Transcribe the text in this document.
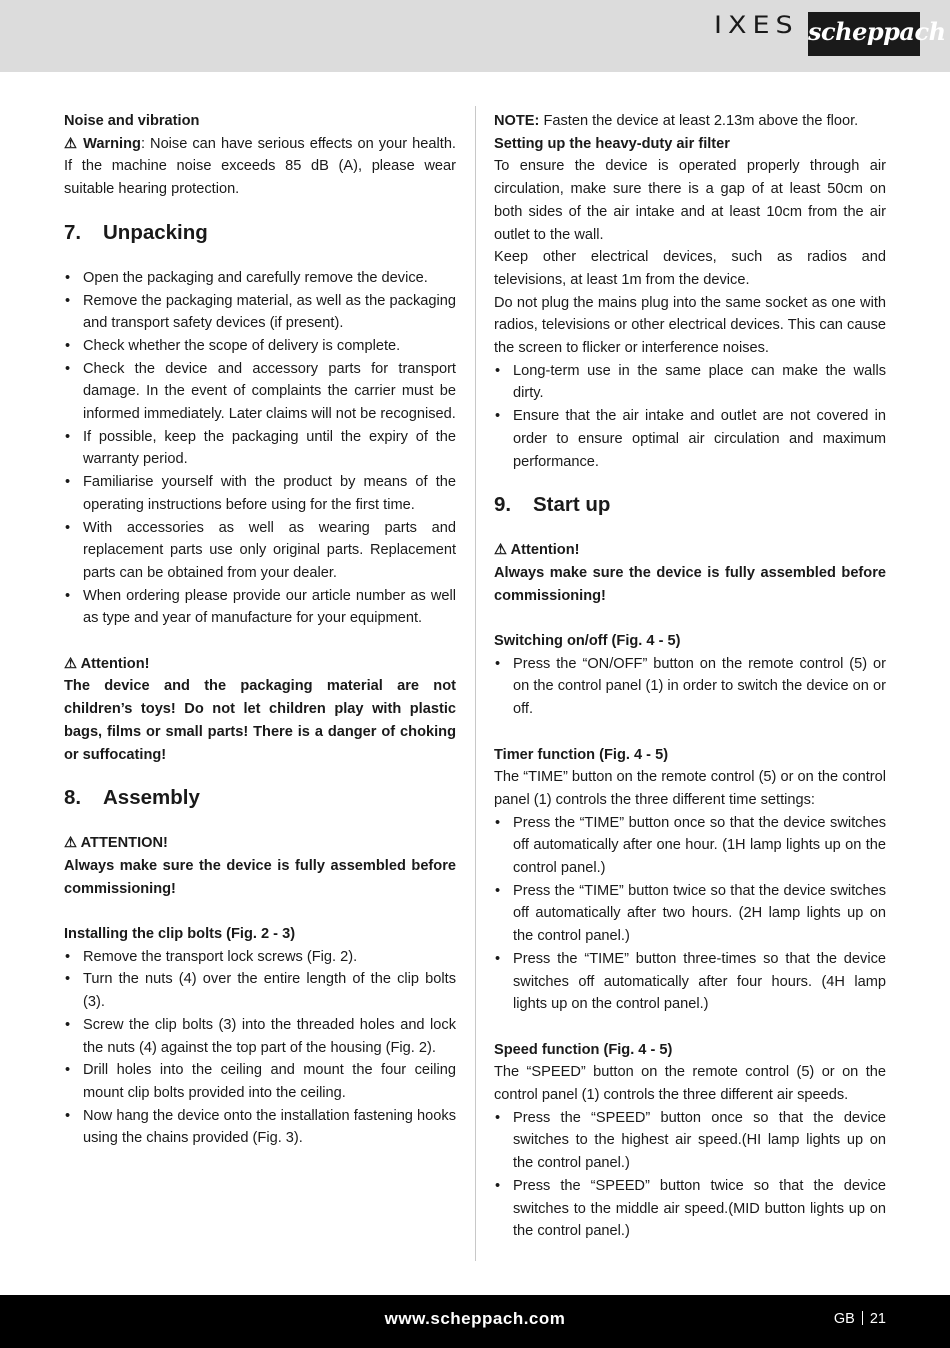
IXES scheppach
Noise and vibration
⚠ Warning: Noise can have serious effects on your health. If the machine noise exceeds 85 dB (A), please wear suitable hearing protection.
7. Unpacking
• Open the packaging and carefully remove the device.
• Remove the packaging material, as well as the packaging and transport safety devices (if present).
• Check whether the scope of delivery is complete.
• Check the device and accessory parts for transport damage. In the event of complaints the carrier must be informed immediately. Later claims will not be recognised.
• If possible, keep the packaging until the expiry of the warranty period.
• Familiarise yourself with the product by means of the operating instructions before using for the first time.
• With accessories as well as wearing parts and replacement parts use only original parts. Replacement parts can be obtained from your dealer.
• When ordering please provide our article number as well as type and year of manufacture for your equipment.
⚠ Attention!
The device and the packaging material are not children’s toys! Do not let children play with plastic bags, films or small parts! There is a danger of choking or suffocating!
8. Assembly
⚠ ATTENTION!
Always make sure the device is fully assembled before commissioning!
Installing the clip bolts (Fig. 2 - 3)
• Remove the transport lock screws (Fig. 2).
• Turn the nuts (4) over the entire length of the clip bolts (3).
• Screw the clip bolts (3) into the threaded holes and lock the nuts (4) against the top part of the housing (Fig. 2).
• Drill holes into the ceiling and mount the four ceiling mount clip bolts provided into the ceiling.
• Now hang the device onto the installation fastening hooks using the chains provided (Fig. 3).
NOTE: Fasten the device at least 2.13m above the floor.
Setting up the heavy-duty air filter
To ensure the device is operated properly through air circulation, make sure there is a gap of at least 50cm on both sides of the air intake and at least 10cm from the air outlet to the wall.
Keep other electrical devices, such as radios and televisions, at least 1m from the device.
Do not plug the mains plug into the same socket as one with radios, televisions or other electrical devices. This can cause the screen to flicker or interference noises.
• Long-term use in the same place can make the walls dirty.
• Ensure that the air intake and outlet are not covered in order to ensure optimal air circulation and maximum performance.
9. Start up
⚠ Attention!
Always make sure the device is fully assembled before commissioning!
Switching on/off (Fig. 4 - 5)
• Press the “ON/OFF” button on the remote control (5) or on the control panel (1) in order to switch the device on or off.
Timer function (Fig. 4 - 5)
The “TIME” button on the remote control (5) or on the control panel (1) controls the three different time settings:
• Press the “TIME” button once so that the device switches off automatically after one hour. (1H lamp lights up on the control panel.)
• Press the “TIME” button twice so that the device switches off automatically after two hours. (2H lamp lights up on the control panel.)
• Press the “TIME” button three-times so that the device switches off automatically after four hours. (4H lamp lights up on the control panel.)
Speed function (Fig. 4 - 5)
The “SPEED” button on the remote control (5) or on the control panel (1) controls the three different air speeds.
• Press the “SPEED” button once so that the device switches to the highest air speed.(HI lamp lights up on the control panel.)
• Press the “SPEED” button twice so that the device switches to the middle air speed.(MID button lights up on the control panel.)
www.scheppach.com	GB 21
